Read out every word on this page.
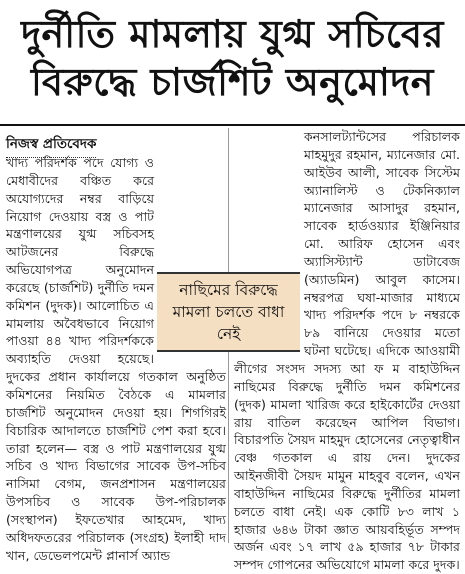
দুর্নীতি মামলায় যুগ্ম সচিবের
বিরুদ্ধে চার্জশিট অনুমোদন
নিজস্ব প্রতিবেদক

খাদ্য পরিদর্শক পদে যোগ্য ও মেধাবীদের বঞ্চিত করে অযোগ্যদের নম্বর বাড়িয়ে নিয়োগ দেওয়ায় বস্ত্র ও পাট মন্ত্রণালয়ের যুগ্ম সচিবসহ আটজনের বিরুদ্ধে অভিযোগপত্র অনুমোদন করেছে (চার্জশিট) দুর্নীতি দমন কমিশন (দুদক)। আলোচিত এ মামলায় অবৈধভাবে নিয়োগ পাওয়া ৪৪ খাদ্য পরিদর্শককে অব্যাহতি দেওয়া হয়েছে। দুদকের প্রধান কার্যালয়ে গতকাল অনুষ্ঠিত কমিশনের নিয়মিত বৈঠকে এ মামলার চার্জশিট অনুমোদন দেওয়া হয়। শিগগিরই বিচারিক আদালতে চার্জশিট পেশ করা হবে। তারা হলেন— বস্ত্র ও পাট মন্ত্রণালয়ের যুগ্ম সচিব ও খাদ্য বিভাগের সাবেক উপ-সচিব নাসিমা বেগম, জনপ্রশাসন মন্ত্রণালয়ের উপসচিব ও সাবেক উপ-পরিচালক (সংস্থাপন) ইফতেখার আহমেদ, খাদ্য অধিদফতরের পরিচালক (সংগ্রহ) ইলাহী দাদ খান, ডেভেলপমেন্ট প্লানার্স অ্যান্ড

কনসালট্যান্টসের পরিচালক মাহমুদুর রহমান, ম্যানেজার মো. আইউব আলী, সাবেক সিস্টেম অ্যানালিস্ট ও টেকনিক্যাল ম্যানেজার আসাদুর রহমান, সাবেক হার্ডওয়্যার ইঞ্জিনিয়ার মো. আরিফ হোসেন এবং অ্যাসিস্ট্যান্ট ডাটাবেজ (অ্যাডমিন) আবুল কাসেম। নম্বরপত্র ঘষা-মাজার মাধ্যমে খাদ্য পরিদর্শক পদে ৮ নম্বরকে ৮৯ বানিয়ে দেওয়ার মতো ঘটনা ঘটেছে। এদিকে আওয়ামী লীগের সংসদ সদস্য আ ফ ম বাহাউদ্দিন নাছিমের বিরুদ্ধে দুর্নীতি দমন কমিশনের (দুদক) মামলা খারিজ করে হাইকোর্টের দেওয়া রায় বাতিল করেছেন আপিল বিভাগ। বিচারপতি সৈয়দ মাহমুদ হোসেনের নেতৃত্বাধীন বেঞ্চ গতকাল এ রায় দেন। দুদকের আইনজীবী সৈয়দ মামুন মাহবুব বলেন, এখন বাহাউদ্দিন নাছিমের বিরুদ্ধে দুর্নীতির মামলা চলতে বাধা নেই। এক কোটি ৮৩ লাখ ১ হাজার ৬৪৬ টাকা জ্ঞাত আয়বহির্ভূত সম্পদ অর্জন এবং ১৭ লাখ ৫৯ হাজার ৭৮ টাকার সম্পদ গোপনের অভিযোগে মামলা করে দুদক।

নাছিমের বিরুদ্ধে মামলা চলতে বাধা নেই
